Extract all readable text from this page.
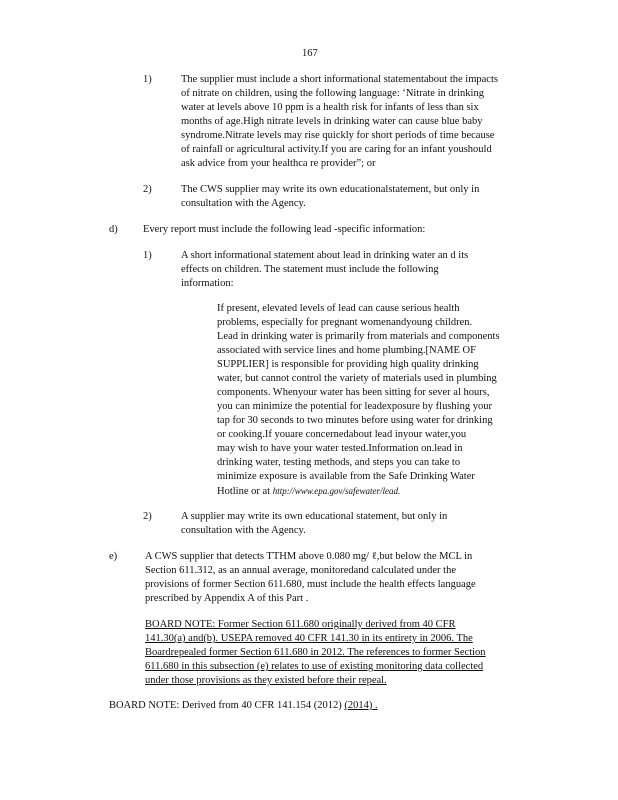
167
1)	The supplier must include a short informational statementabout the impacts
of nitrate on children, using the following language: ‘Nitrate in drinking
water at levels above 10 ppm is a health risk for infants of less than six
months of age.High nitrate levels in drinking water can cause blue baby
syndrome.Nitrate levels may rise quickly for short periods of time because
of rainfall or agricultural activity.If you are caring for an infant youshould
ask advice from your healthca re provider”; or
2)	The CWS supplier may write its own educationalstatement, but only in
consultation with the Agency.
d) Every report must include the following lead -specific information:
1)	A short informational statement about lead in drinking water an d its
effects on children. The statement must include the following
information:
If present, elevated levels of lead can cause serious health
problems, especially for pregnant womenandyoung children.
Lead in drinking water is primarily from materials and components
associated with service lines and home plumbing.[NAME OF
SUPPLIER] is responsible for providing high quality drinking
water, but cannot control the variety of materials used in plumbing
components. Whenyour water has been sitting for sever al hours,
you can minimize the potential for leadexposure by flushing your
tap for 30 seconds to two minutes before using water for drinking
or cooking.If youare concernedabout lead inyour water,you
may wish to have your water tested.Information on.lead in
drinking water, testing methods, and steps you can take to
minimize exposure is available from the Safe Drinking Water
Hotline or at http://www.epa.gov/safewater/lead.
2)	A supplier may write its own educational statement, but only in
consultation with the Agency.
e)	A CWS supplier that detects TTHM above 0.080 mg/ ℓ,but below the MCL in
Section 611.312, as an annual average, monitoredand calculated under the
provisions of former Section 611.680, must include the health effects language
prescribed by Appendix A of this Part .
BOARD NOTE: Former Section 611.680 originally derived from 40 CFR
141.30(a) and(b). USEPA removed 40 CFR 141.30 in its entirety in 2006. The
Boardrepealed former Section 611.680 in 2012. The references to former Section
611.680 in this subsection (e) relates to use of existing monitoring data collected
under those provisions as they existed before their repeal.
BOARD NOTE: Derived from 40 CFR 141.154 (2012) (2014) .
